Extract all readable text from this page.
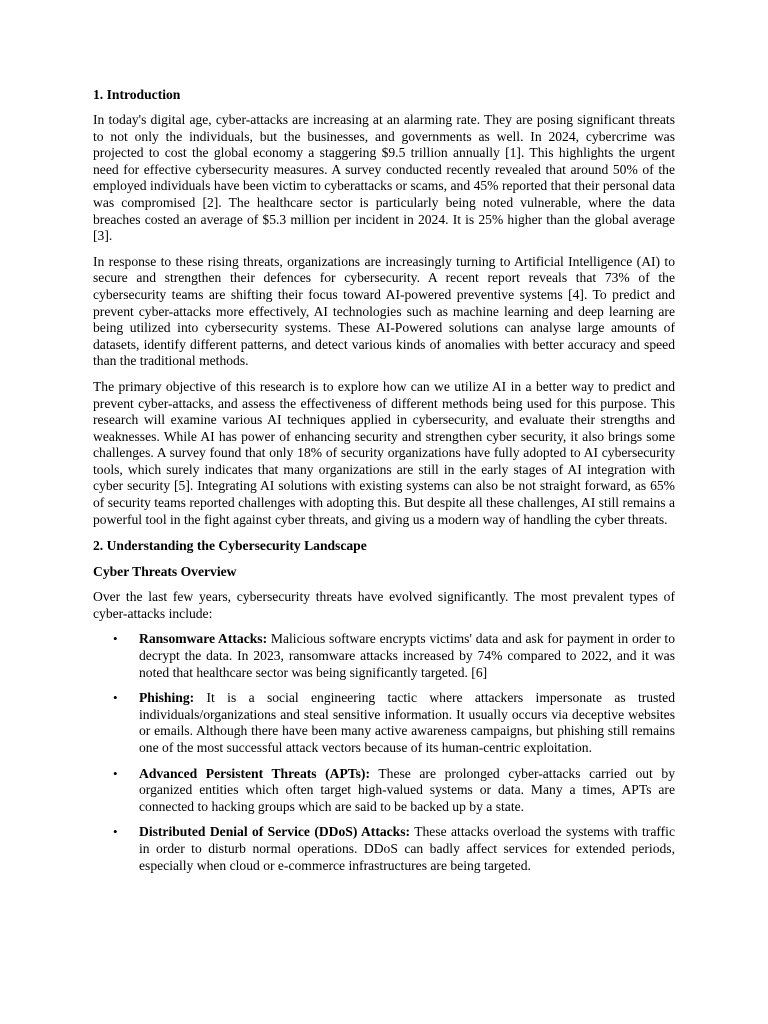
1. Introduction

In today's digital age, cyber-attacks are increasing at an alarming rate. They are posing significant threats to not only the individuals, but the businesses, and governments as well. In 2024, cybercrime was projected to cost the global economy a staggering $9.5 trillion annually [1]. This highlights the urgent need for effective cybersecurity measures. A survey conducted recently revealed that around 50% of the employed individuals have been victim to cyberattacks or scams, and 45% reported that their personal data was compromised [2]. The healthcare sector is particularly being noted vulnerable, where the data breaches costed an average of $5.3 million per incident in 2024. It is 25% higher than the global average [3].

In response to these rising threats, organizations are increasingly turning to Artificial Intelligence (AI) to secure and strengthen their defences for cybersecurity. A recent report reveals that 73% of the cybersecurity teams are shifting their focus toward AI-powered preventive systems [4]. To predict and prevent cyber-attacks more effectively, AI technologies such as machine learning and deep learning are being utilized into cybersecurity systems. These AI-Powered solutions can analyse large amounts of datasets, identify different patterns, and detect various kinds of anomalies with better accuracy and speed than the traditional methods.

The primary objective of this research is to explore how can we utilize AI in a better way to predict and prevent cyber-attacks, and assess the effectiveness of different methods being used for this purpose. This research will examine various AI techniques applied in cybersecurity, and evaluate their strengths and weaknesses. While AI has power of enhancing security and strengthen cyber security, it also brings some challenges. A survey found that only 18% of security organizations have fully adopted to AI cybersecurity tools, which surely indicates that many organizations are still in the early stages of AI integration with cyber security [5]. Integrating AI solutions with existing systems can also be not straight forward, as 65% of security teams reported challenges with adopting this. But despite all these challenges, AI still remains a powerful tool in the fight against cyber threats, and giving us a modern way of handling the cyber threats.

2. Understanding the Cybersecurity Landscape
Cyber Threats Overview

Over the last few years, cybersecurity threats have evolved significantly. The most prevalent types of cyber-attacks include:

• Ransomware Attacks: Malicious software encrypts victims' data and ask for payment in order to decrypt the data. In 2023, ransomware attacks increased by 74% compared to 2022, and it was noted that healthcare sector was being significantly targeted. [6]
• Phishing: It is a social engineering tactic where attackers impersonate as trusted individuals/organizations and steal sensitive information. It usually occurs via deceptive websites or emails. Although there have been many active awareness campaigns, but phishing still remains one of the most successful attack vectors because of its human-centric exploitation.
• Advanced Persistent Threats (APTs): These are prolonged cyber-attacks carried out by organized entities which often target high-valued systems or data. Many a times, APTs are connected to hacking groups which are said to be backed up by a state.
• Distributed Denial of Service (DDoS) Attacks: These attacks overload the systems with traffic in order to disturb normal operations. DDoS can badly affect services for extended periods, especially when cloud or e-commerce infrastructures are being targeted.
